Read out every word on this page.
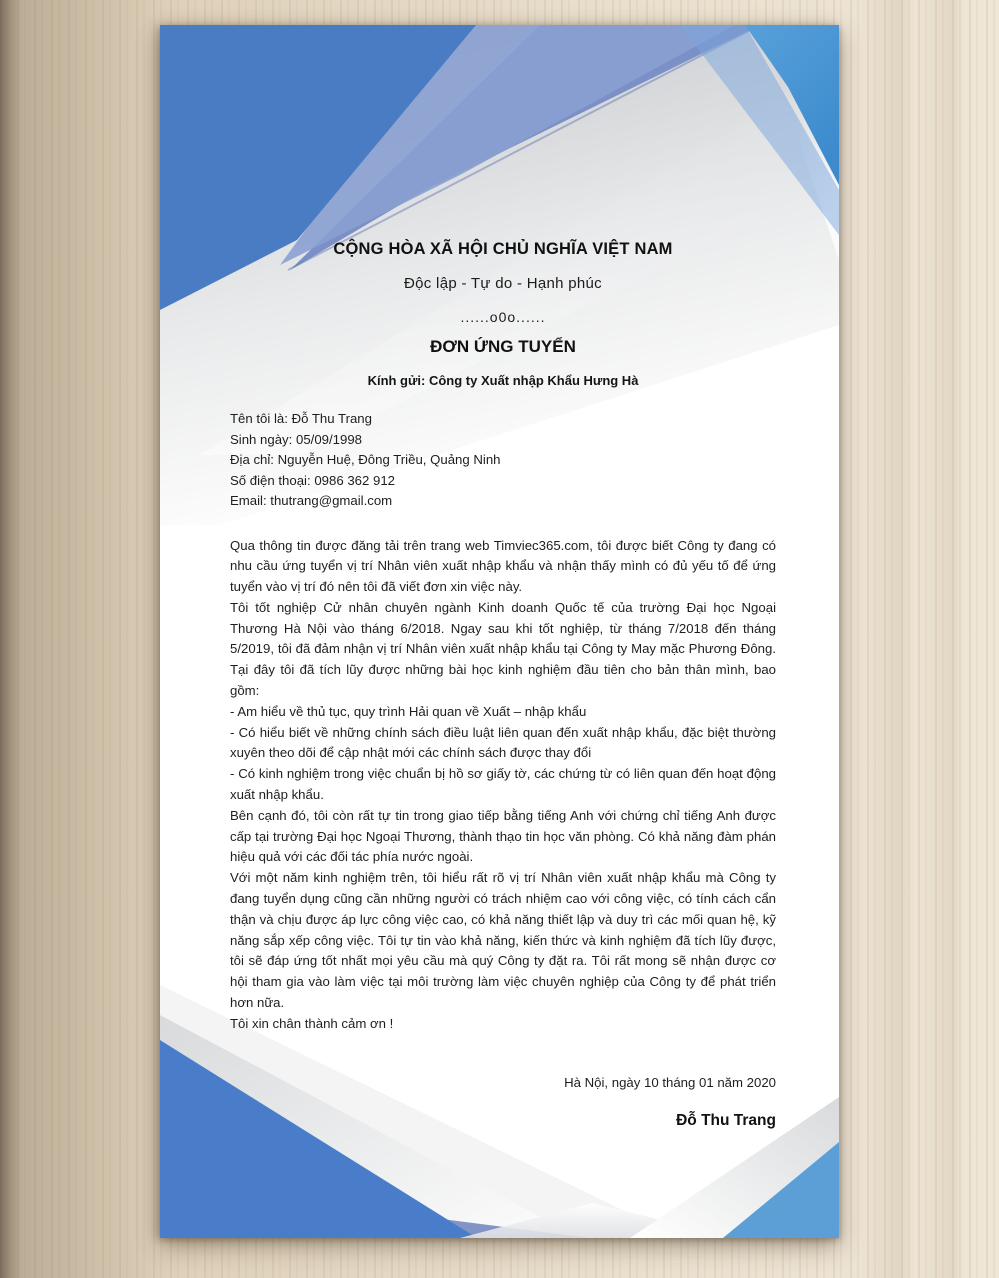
CỘNG HÒA XÃ HỘI CHỦ NGHĨA VIỆT NAM
Độc lập - Tự do - Hạnh phúc
......o0o......
ĐƠN ỨNG TUYỂN
Kính gửi: Công ty Xuất nhập Khẩu Hưng Hà
Tên tôi là: Đỗ Thu Trang
Sinh ngày: 05/09/1998
Địa chỉ: Nguyễn Huệ, Đông Triều, Quảng Ninh
Số điện thoại: 0986 362 912
Email: thutrang@gmail.com

Qua thông tin được đăng tải trên trang web Timviec365.com, tôi được biết Công ty đang có nhu cầu ứng tuyển vị trí Nhân viên xuất nhập khẩu và nhận thấy mình có đủ yếu tố để ứng tuyển vào vị trí đó nên tôi đã viết đơn xin việc này.

Tôi tốt nghiệp Cử nhân chuyên ngành Kinh doanh Quốc tế của trường Đại học Ngoại Thương Hà Nội vào tháng 6/2018. Ngay sau khi tốt nghiệp, từ tháng 7/2018 đến tháng 5/2019, tôi đã đảm nhận vị trí Nhân viên xuất nhập khẩu tại Công ty May mặc Phương Đông. Tại đây tôi đã tích lũy được những bài học kinh nghiệm đầu tiên cho bản thân mình, bao gồm:

- Am hiểu về thủ tục, quy trình Hải quan về Xuất – nhập khẩu

- Có hiểu biết về những chính sách điều luật liên quan đến xuất nhập khẩu, đặc biệt thường xuyên theo dõi để cập nhật mới các chính sách được thay đổi

- Có kinh nghiệm trong việc chuẩn bị hồ sơ giấy tờ, các chứng từ có liên quan đến hoạt động xuất nhập khẩu.

Bên cạnh đó, tôi còn rất tự tin trong giao tiếp bằng tiếng Anh với chứng chỉ tiếng Anh được cấp tại trường Đại học Ngoại Thương, thành thạo tin học văn phòng. Có khả năng đàm phán hiệu quả với các đối tác phía nước ngoài.

Với một năm kinh nghiệm trên, tôi hiểu rất rõ vị trí Nhân viên xuất nhập khẩu mà Công ty đang tuyển dụng cũng cần những người có trách nhiệm cao với công việc, có tính cách cẩn thận và chịu được áp lực công việc cao, có khả năng thiết lập và duy trì các mối quan hệ, kỹ năng sắp xếp công việc. Tôi tự tin vào khả năng, kiến thức và kinh nghiệm đã tích lũy được, tôi sẽ đáp ứng tốt nhất mọi yêu cầu mà quý Công ty đặt ra. Tôi rất mong sẽ nhận được cơ hội tham gia vào làm việc tại môi trường làm việc chuyên nghiệp của Công ty để phát triển hơn nữa.

Tôi xin chân thành cảm ơn !

Hà Nội, ngày 10 tháng 01 năm 2020
Đỗ Thu Trang
